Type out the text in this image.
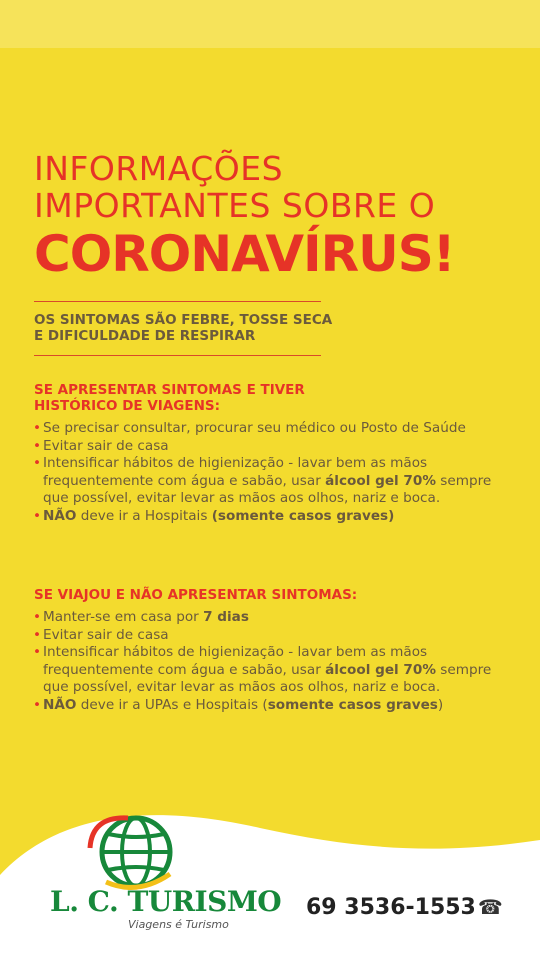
INFORMAÇÕES
IMPORTANTES SOBRE O
CORONAVÍRUS!
OS SINTOMAS SÃO FEBRE, TOSSE SECA
E DIFICULDADE DE RESPIRAR
SE APRESENTAR SINTOMAS E TIVER
HISTÓRICO DE VIAGENS:
• Se precisar consultar, procurar seu médico ou Posto de Saúde
• Evitar sair de casa
• Intensificar hábitos de higienização - lavar bem as mãos frequentemente com água e sabão, usar álcool gel 70% sempre que possível, evitar levar as mãos aos olhos, nariz e boca.
• NÃO deve ir a Hospitais (somente casos graves)
SE VIAJOU E NÃO APRESENTAR SINTOMAS:
• Manter-se em casa por 7 dias
• Evitar sair de casa
• Intensificar hábitos de higienização - lavar bem as mãos frequentemente com água e sabão, usar álcool gel 70% sempre que possível, evitar levar as mãos aos olhos, nariz e boca.
• NÃO deve ir a UPAs e Hospitais (somente casos graves)
L. C. TURISMO
Viagens é Turismo
69 3536-1553 ☎
